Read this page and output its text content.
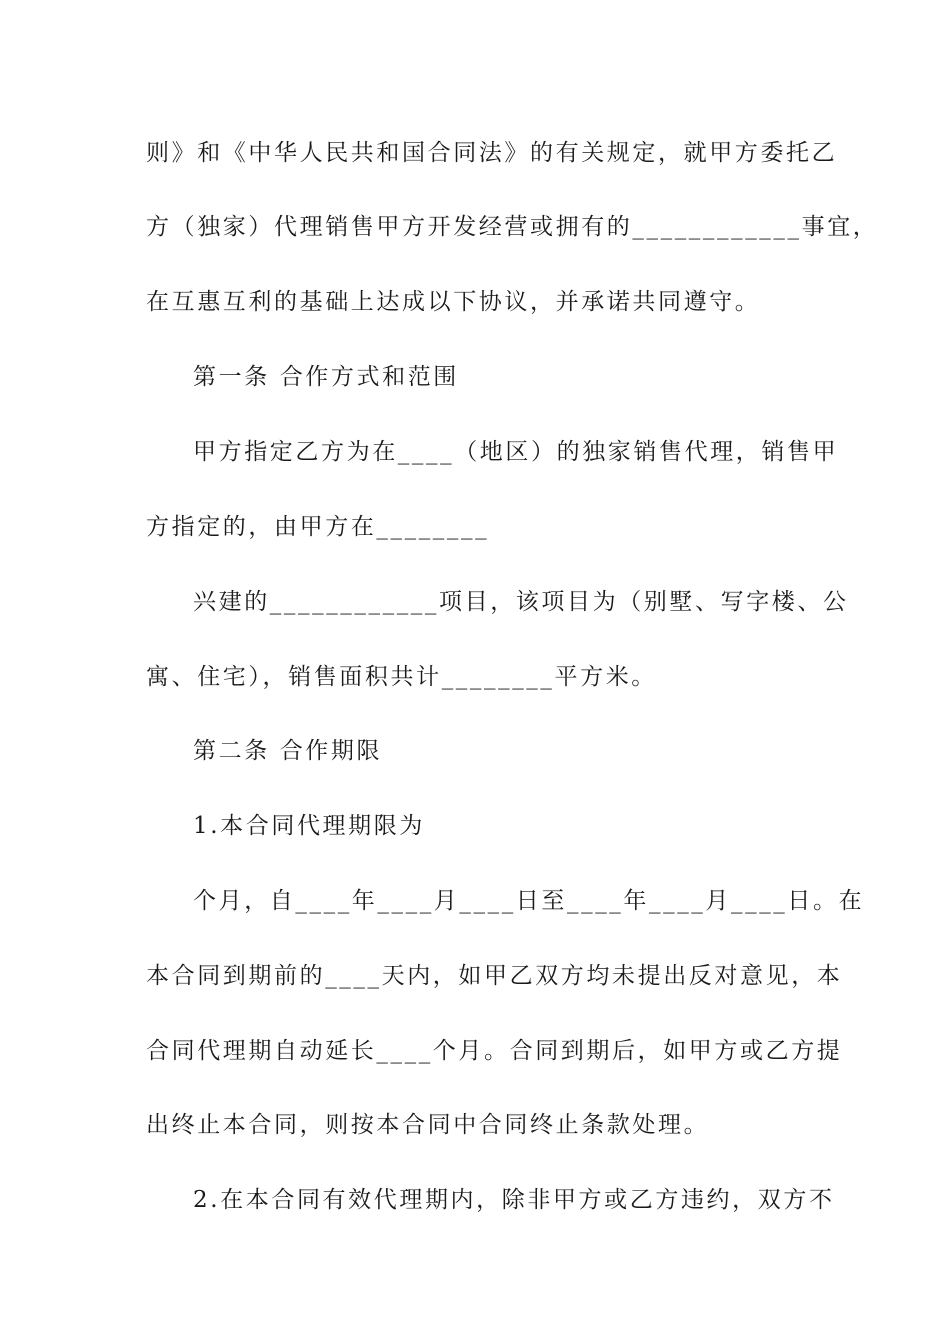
则》和《中华人民共和国合同法》的有关规定，就甲方委托乙
方（独家）代理销售甲方开发经营或拥有的____________事宜，
在互惠互利的基础上达成以下协议，并承诺共同遵守。
第一条 合作方式和范围
甲方指定乙方为在____（地区）的独家销售代理，销售甲
方指定的，由甲方在________
兴建的____________项目，该项目为（别墅、写字楼、公
寓、住宅），销售面积共计________平方米。
第二条 合作期限
1.本合同代理期限为
个月，自____年____月____日至____年____月____日。在
本合同到期前的____天内，如甲乙双方均未提出反对意见，本
合同代理期自动延长____个月。合同到期后，如甲方或乙方提
出终止本合同，则按本合同中合同终止条款处理。
2.在本合同有效代理期内，除非甲方或乙方违约，双方不
